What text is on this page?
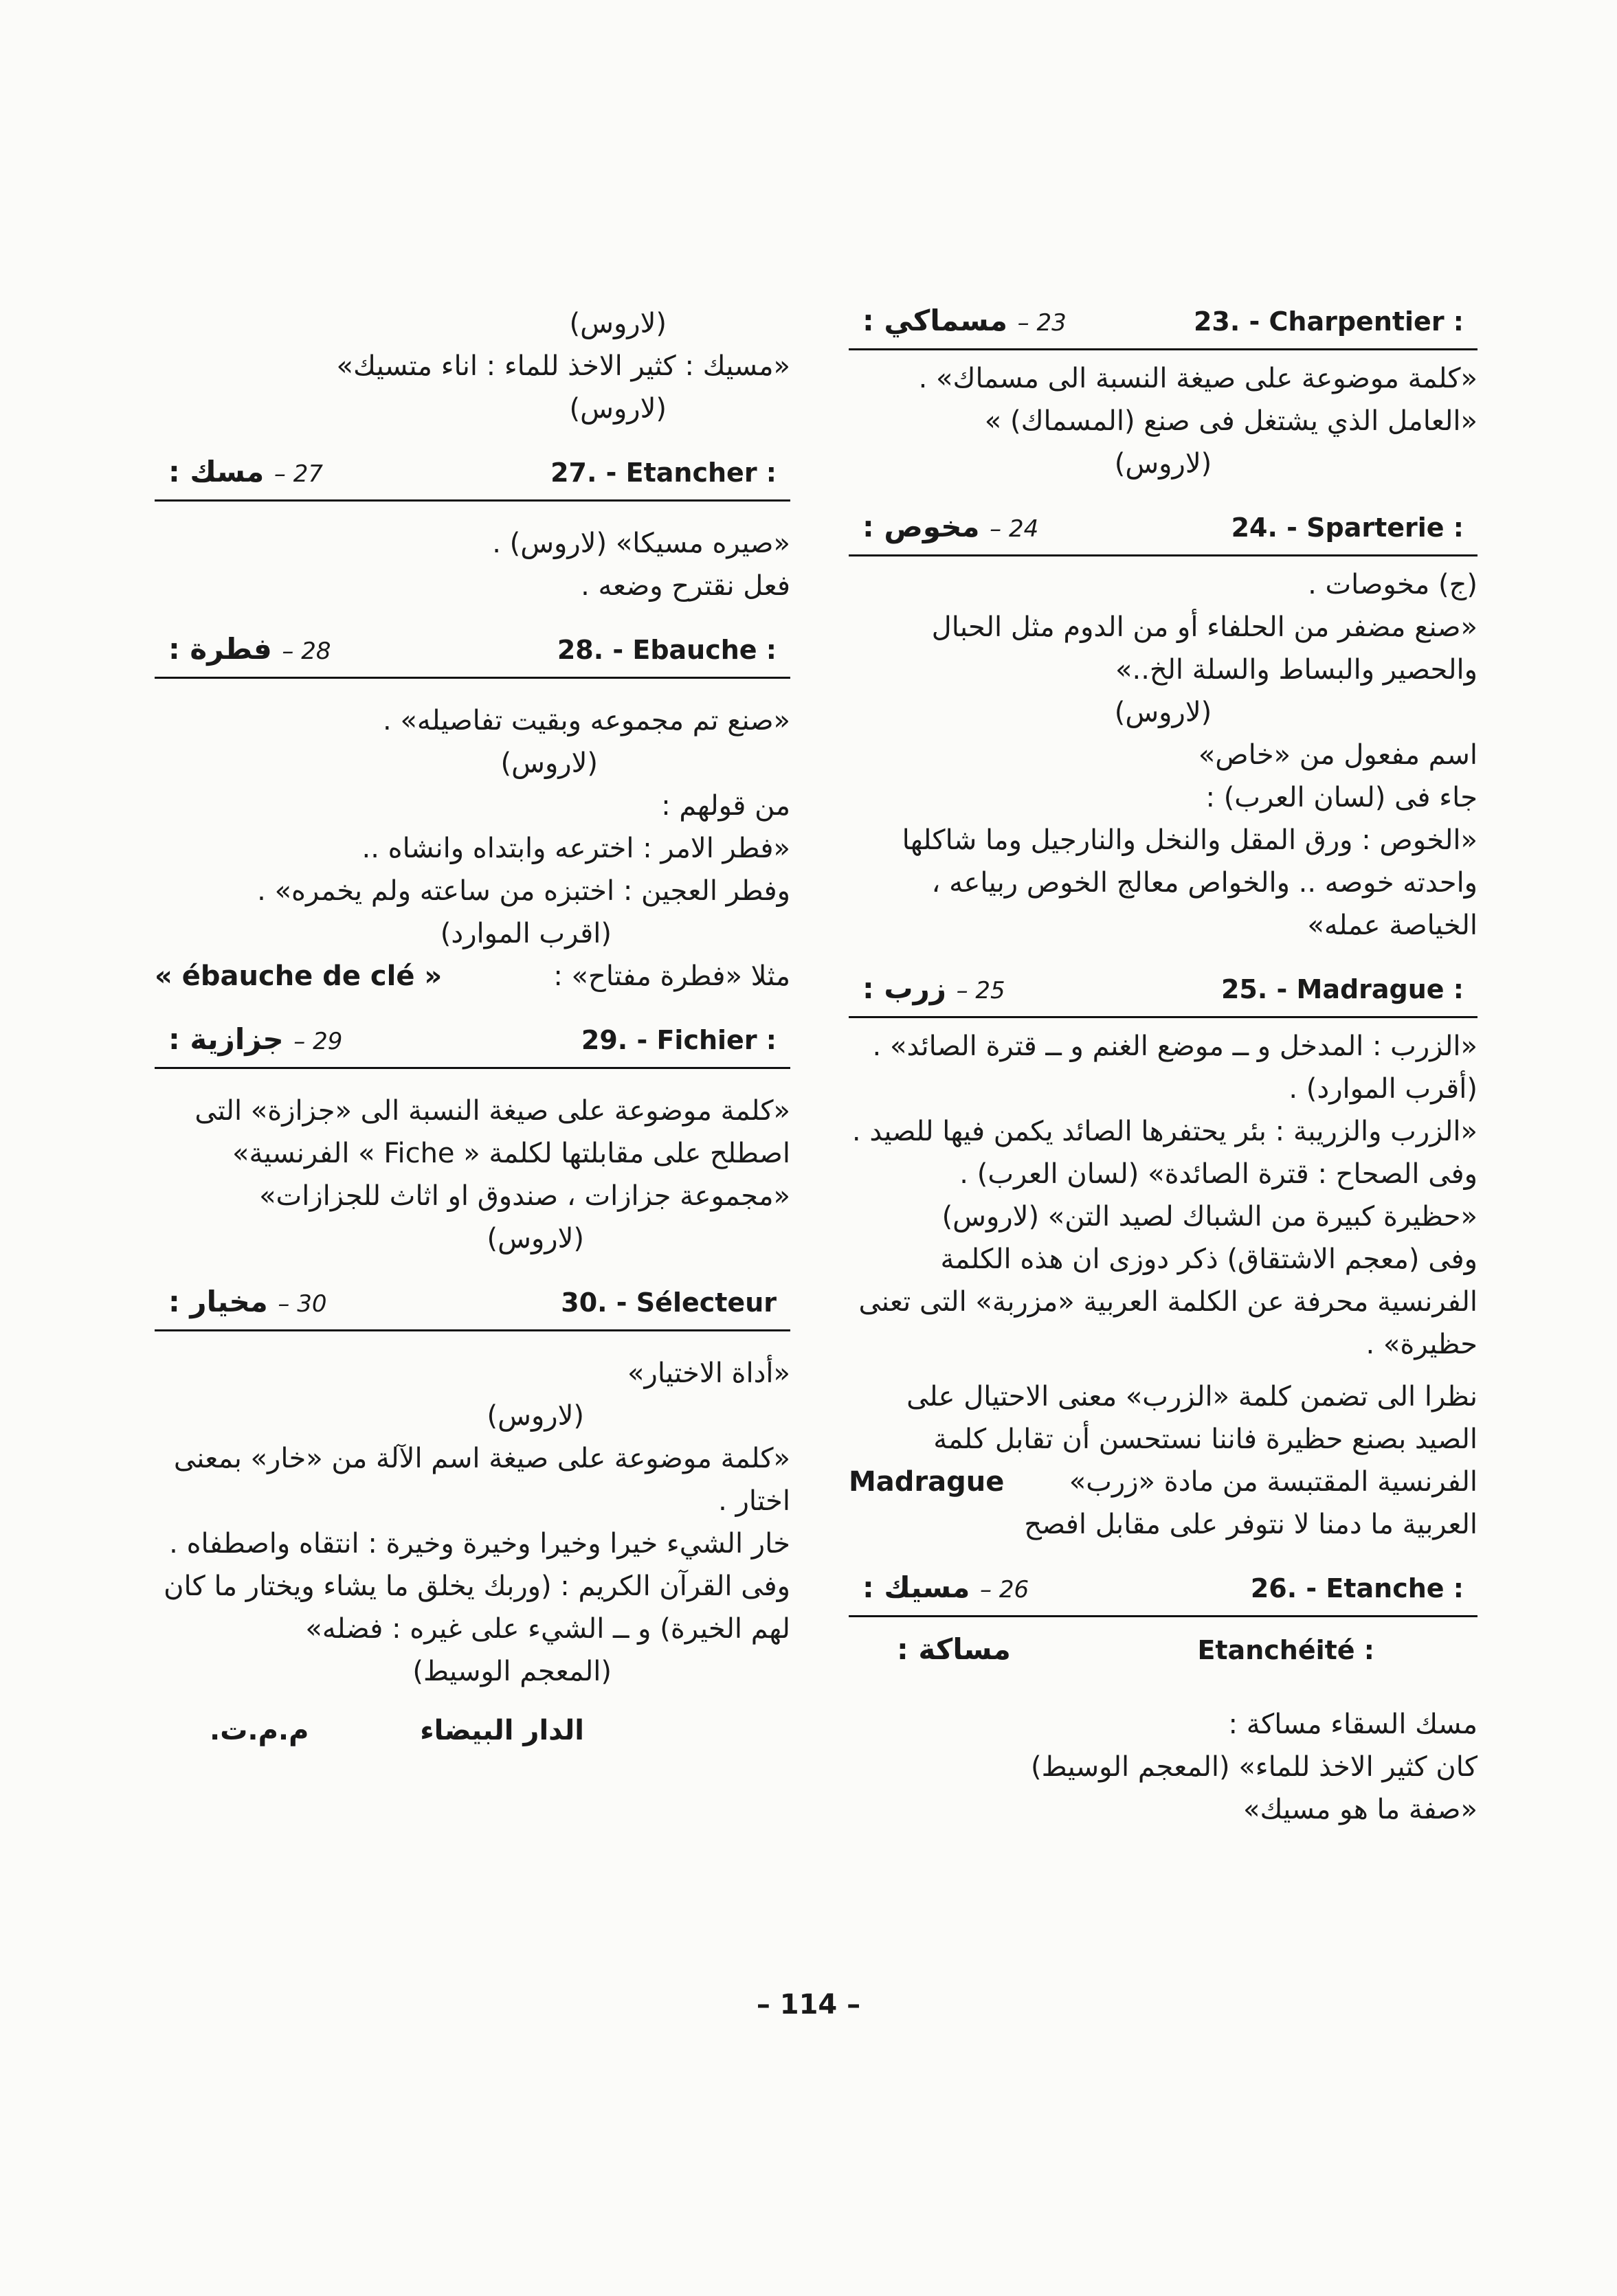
23. - Charpentier :
23 – مسماكي :

«كلمة موضوعة على صيغة النسبة الى مسماك» .

«العامل الذي يشتغل فى صنع (المسماك) »

(لاروس)

24. - Sparterie :
24 – مخوص :

(ج) مخوصات .

«صنع مضفر من الحلفاء أو من الدوم مثل الحبال والحصير والبساط والسلة الخ..»

(لاروس)

اسم مفعول من «خاص»

جاء فى (لسان العرب) :

«الخوص : ورق المقل والنخل والنارجيل وما شاكلها واحدته خوصه .. والخواص معالج الخوص ربياعه ، الخياصة عمله»

25. - Madrague :
25 – زرب :

«الزرب : المدخل و ــ موضع الغنم و ــ قترة الصائد» . (أقرب الموارد) .

«الزرب والزريبة : بئر يحتفرها الصائد يكمن فيها للصيد . وفى الصحاح : قترة الصائدة» (لسان العرب) .

«حظيرة كبيرة من الشباك لصيد التن» (لاروس)

وفى (معجم الاشتقاق) ذكر دوزى ان هذه الكلمة الفرنسية محرفة عن الكلمة العربية «مزربة» التى تعنى حظيرة» .

نظرا الى تضمن كلمة «الزرب» معنى الاحتيال على الصيد بصنع حظيرة فاننا نستحسن أن تقابل كلمة

الفرنسية المقتبسة من مادة «زرب»
Madrague

العربية ما دمنا لا نتوفر على مقابل افصح

26. - Etanche :
26 – مسيك :
Etanchéité :
مساكة :

مسك السقاء مساكة :

كان كثير الاخذ للماء» (المعجم الوسيط)

«صفة ما هو مسيك»

(لاروس)

«مسيك : كثير الاخذ للماء : اناء متسيك»

(لاروس)

27. - Etancher :
27 – مسك :

«صيره مسيكا» (لاروس) .

فعل نقترح وضعه .

28. - Ebauche :
28 – فطرة :

«صنع تم مجموعه وبقيت تفاصيله» .

(لاروس)

من قولهم :

«فطر الامر : اخترعه وابتداه وانشاه ..

وفطر العجين : اختبزه من ساعته ولم يخمره» .

(اقرب الموارد)

مثلا «فطرة مفتاح» :
« ébauche de clé »

29. - Fichier :
29 – جزازية :

«كلمة موضوعة على صيغة النسبة الى «جزازة» التى اصطلح على مقابلتها لكلمة « Fiche » الفرنسية»

«مجموعة جزازات ، صندوق او اثاث للجزازات»

(لاروس)

30. - Sélecteur
30 – مخيار :

«أداة الاختيار»

(لاروس)

«كلمة موضوعة على صيغة اسم الآلة من «خار» بمعنى اختار .

خار الشيء خيرا وخيرا وخيرة وخيرة : انتقاه واصطفاه . وفى القرآن الكريم : (وربك يخلق ما يشاء ويختار ما كان لهم الخيرة) و ــ الشيء على غيره : فضله»

(المعجم الوسيط)

الدار البيضاء
م.م.ت.
– 114 –
